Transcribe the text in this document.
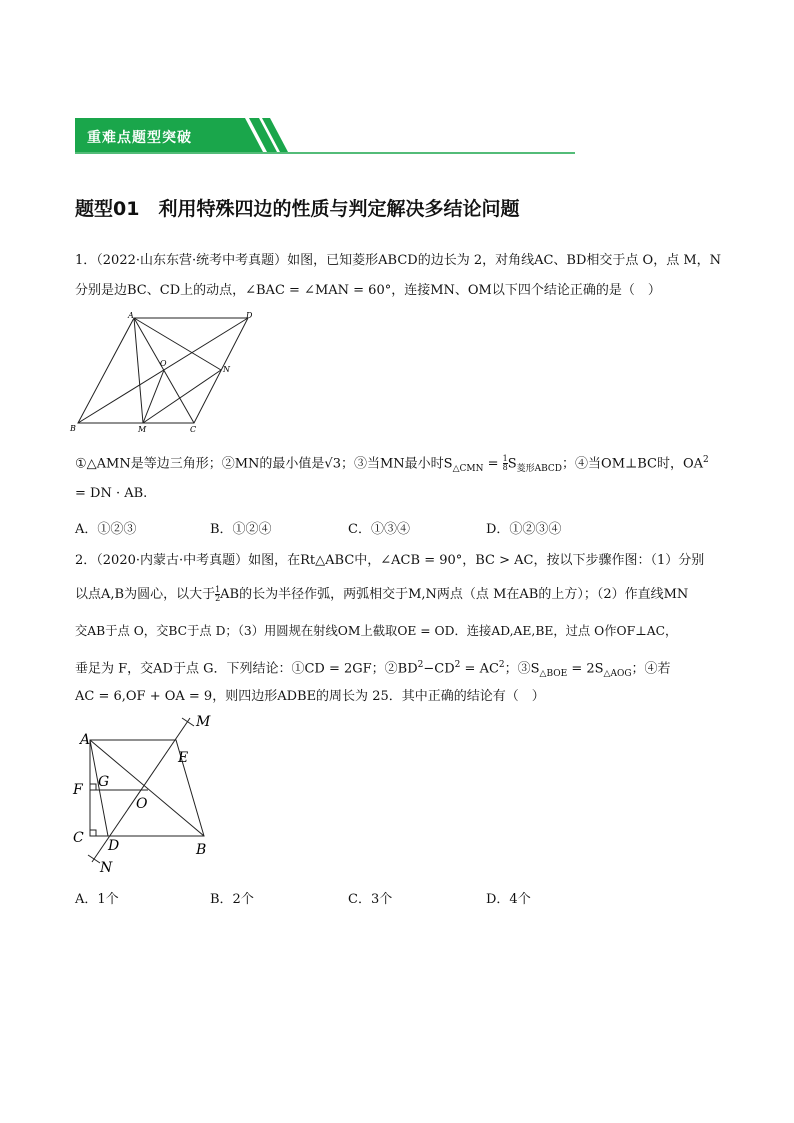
重难点题型突破
题型01　利用特殊四边的性质与判定解决多结论问题
1．（2022·山东东营·统考中考真题）如图，已知菱形ABCD的边长为 2，对角线AC、BD相交于点 O，点 M，N
分别是边BC、CD上的动点，∠BAC = ∠MAN = 60°，连接MN、OM以下四个结论正确的是（　）
A	D
O
N
B	M	C
①△AMN是等边三角形；②MN的最小值是√3；③当MN最小时$S_{\triangle CMN} = \frac{1}{8} S_{菱形ABCD}$；④当OM⊥BC时，$OA^2$
= DN · AB.
A．①②③	B．①②④	C．①③④	D．①②③④
2．（2020·内蒙古·中考真题）如图，在Rt△ABC中，∠ACB = 90°，BC > AC，按以下步骤作图：（1）分别
以点A,B为圆心，以大于 $\frac{1}{2}$ AB的长为半径作弧，两弧相交于M,N两点（点 M在AB的上方）；（2）作直线MN
交AB于点 O，交BC于点 D；（3）用圆规在射线OM上截取OE = OD．连接AD,AE,BE，过点 O作OF⊥AC，
垂足为 F，交AD于点 G．下列结论：①CD = 2GF；$②BD^2-CD^2 = AC^2$；$③S_{\triangle BOE} = 2S_{\triangle AOG}$；④若
AC = 6,OF + OA = 9，则四边形ADBE的周长为 25．其中正确的结论有（　）
A
M
E
G
F
O
C D	B
N
A．1个	B．2个	C．3个	D．4个
